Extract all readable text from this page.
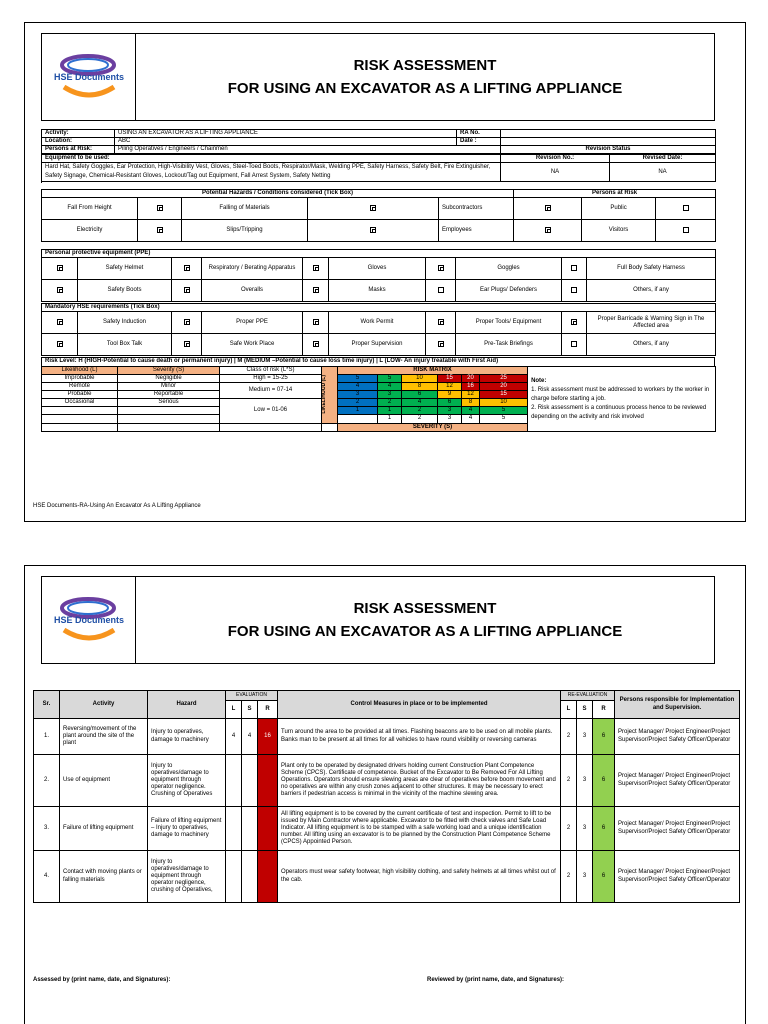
HSE Documents
RISK ASSESSMENT
FOR USING AN EXCAVATOR AS A LIFTING APPLIANCE
Activity:	USING AN EXCAVATOR AS A LIFTING APPLIANCE	RA No.	
Location:	ABC	Date :	
Persons at Risk:	Piling Operatives / Engineers / Chainmen		Revision Status
Equipment to be used:	Revision No.:	Revised Date:
Hard Hat, Safety Goggles, Ear Protection, High-Visibility Vest, Gloves, Steel-Toed Boots, Respirator/Mask, Welding PPE, Safety Harness, Safety Belt, Fire Extinguisher, Safety Signage, Chemical-Resistant Gloves, Lockout/Tag out Equipment, Fall Arrest System, Safety Netting	NA	NA

Potential Hazards / Conditions considered (Tick Box)					Persons at Risk		
Fall From Height		Falling of Materials		Subcontractors		Public	
Electricity		Slips/Tripping		Employees		Visitors	
Personal protective equipment (PPE)									
	Safety Helmet		Respiratory / Berating Apparatus		Gloves		Goggles		Full Body Safety Harness
	Safety Boots		Overalls		Masks		Ear Plugs/ Defenders		Others, if any
Mandatory HSE requirements (Tick Box)									
	Safety Induction		Proper PPE		Work Permit		Proper Tools/ Equipment		Proper Barricade & Warning Sign in The Affected area
	Tool Box Talk		Safe Work Place		Proper Supervision		Pre-Task Briefings		Others, if any
Risk Level: H (HIGH-Potential to cause death or permanent injury) | M (MEDIUM –Potential to cause loss time injury) | L (LOW- An injury treatable with First Aid)
Likelihood (L)	Severity (S)	Class of risk (L*S)	LIKELIHOOD (L)	RISK MATRIX						Note:
1. Risk assessment must be addressed to workers by the worker in charge before starting a job.
2. Risk assessment is a continuous process hence to be reviewed depending on the activity and risk involved

Improbable	Negligible	High = 15-25		5	5	10	15	20	25	
Remote	Minor	Medium = 07-14		4	4	8	12	16	20	
Probable	Reportable			3	3	6	9	12	15	
Occasional	Serious	Low = 01-06		2	2	4	6	8	10	
				1	1	2	3	4	5	
					1	2	3	4	5	
				SEVERITY (S)						
HSE Documents-RA-Using An Excavator As A Lifting Appliance
HSE Documents
RISK ASSESSMENT
FOR USING AN EXCAVATOR AS A LIFTING APPLIANCE
Sr.	Activity	Hazard	EVALUATION			Control Measures in place or to be implemented	RE-EVALUATION			Persons responsible for Implementation and Supervision.
			L	S	R		L	S	R	
1.	Reversing/movement of the plant around the site of the plant	Injury to operatives, damage to machinery	4	4	16	Turn around the area to be provided at all times. Flashing beacons are to be used on all mobile plants. Banks man to be present at all times for all vehicles to have round visibility or reversing cameras	2	3	6	Project Manager/ Project Engineer/Project Supervisor/Project Safety Officer/Operator
2.	Use of equipment	Injury to operatives/damage to equipment through operator negligence. Crushing of Operatives				Plant only to be operated by designated drivers holding current Construction Plant Competence Scheme (CPCS). Certificate of competence. Bucket of the Excavator to Be Removed For All Lifting Operations. Operators should ensure slewing areas are clear of operatives before boom movement and no operatives are within any crush zones adjacent to other structures. It may be necessary to erect barriers if pedestrian access is minimal in the vicinity of the machine slewing area.	2	3	6	Project Manager/ Project Engineer/Project Supervisor/Project Safety Officer/Operator
3.	Failure of lifting equipment	Failure of lifting equipment – Injury to operatives, damage to machinery				All lifting equipment is to be covered by the current certificate of test and inspection. Permit to lift to be issued by Main Contractor where applicable. Excavator to be fitted with check valves and Safe Load Indicator. All lifting equipment is to be stamped with a safe working load and a unique identification number. All lifting using an excavator is to be planned by the Construction Plant Competence Scheme (CPCS) Appointed Person.	2	3	6	Project Manager/ Project Engineer/Project Supervisor/Project Safety Officer/Operator
4.	Contact with moving plants or falling materials	Injury to operatives/damage to equipment through operator negligence, crushing of Operatives,				Operators must wear safety footwear, high visibility clothing, and safety helmets at all times whilst out of the cab.	2	3	6	Project Manager/ Project Engineer/Project Supervisor/Project Safety Officer/Operator
Assessed by (print name, date, and Signatures):	Reviewed by (print name, date, and Signatures):
